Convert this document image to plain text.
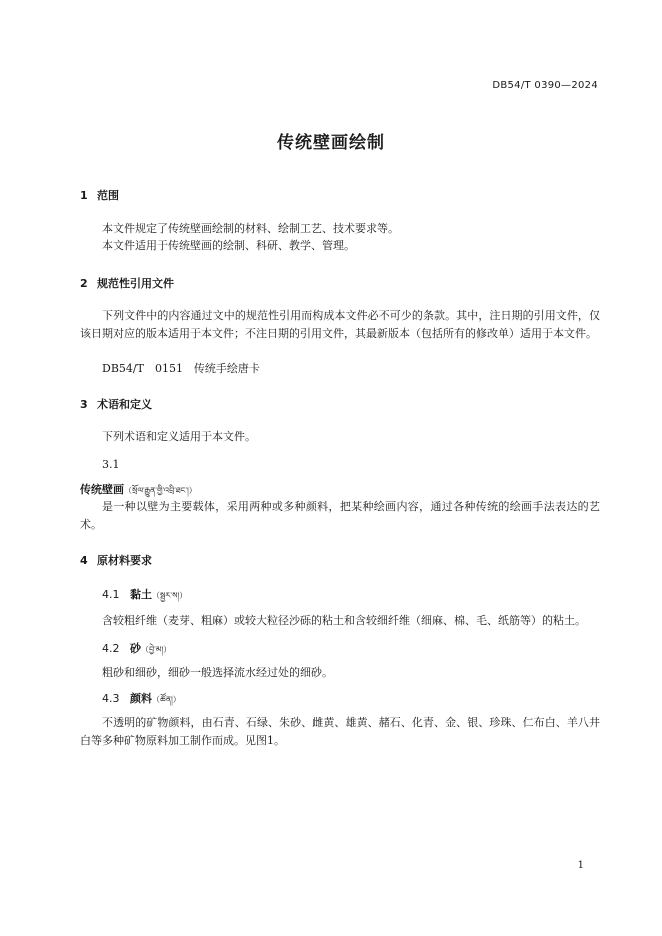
DB54/T 0390—2024
传统壁画绘制
1 范围
本文件规定了传统壁画绘制的材料、绘制工艺、技术要求等。
本文件适用于传统壁画的绘制、科研、教学、管理。
2 规范性引用文件
下列文件中的内容通过文中的规范性引用而构成本文件必不可少的条款。其中，注日期的引用文件，仅该日期对应的版本适用于本文件；不注日期的引用文件，其最新版本（包括所有的修改单）适用于本文件。
DB54/T　0151　传统手绘唐卡
3 术语和定义
下列术语和定义适用于本文件。
3.1
传统壁画（སྲོལ་རྒྱུན་གྱི་འབྲི་ཐང་།）
是一种以壁为主要载体，采用两种或多种颜料，把某种绘画内容，通过各种传统的绘画手法表达的艺术。
4 原材料要求
4.1 黏土（སྦྱར་ས།）
含较粗纤维（麦芽、粗麻）或较大粒径沙砾的粘土和含较细纤维（细麻、棉、毛、纸筋等）的粘土。
4.2 砂（བྱེ་མ།）
粗砂和细砂，细砂一般选择流水经过处的细砂。
4.3 颜料（ཚོན།）
不透明的矿物颜料，由石青、石绿、朱砂、雌黄、雄黄、赭石、化青、金、银、珍珠、仁布白、羊八井白等多种矿物原料加工制作而成。见图1。
1
